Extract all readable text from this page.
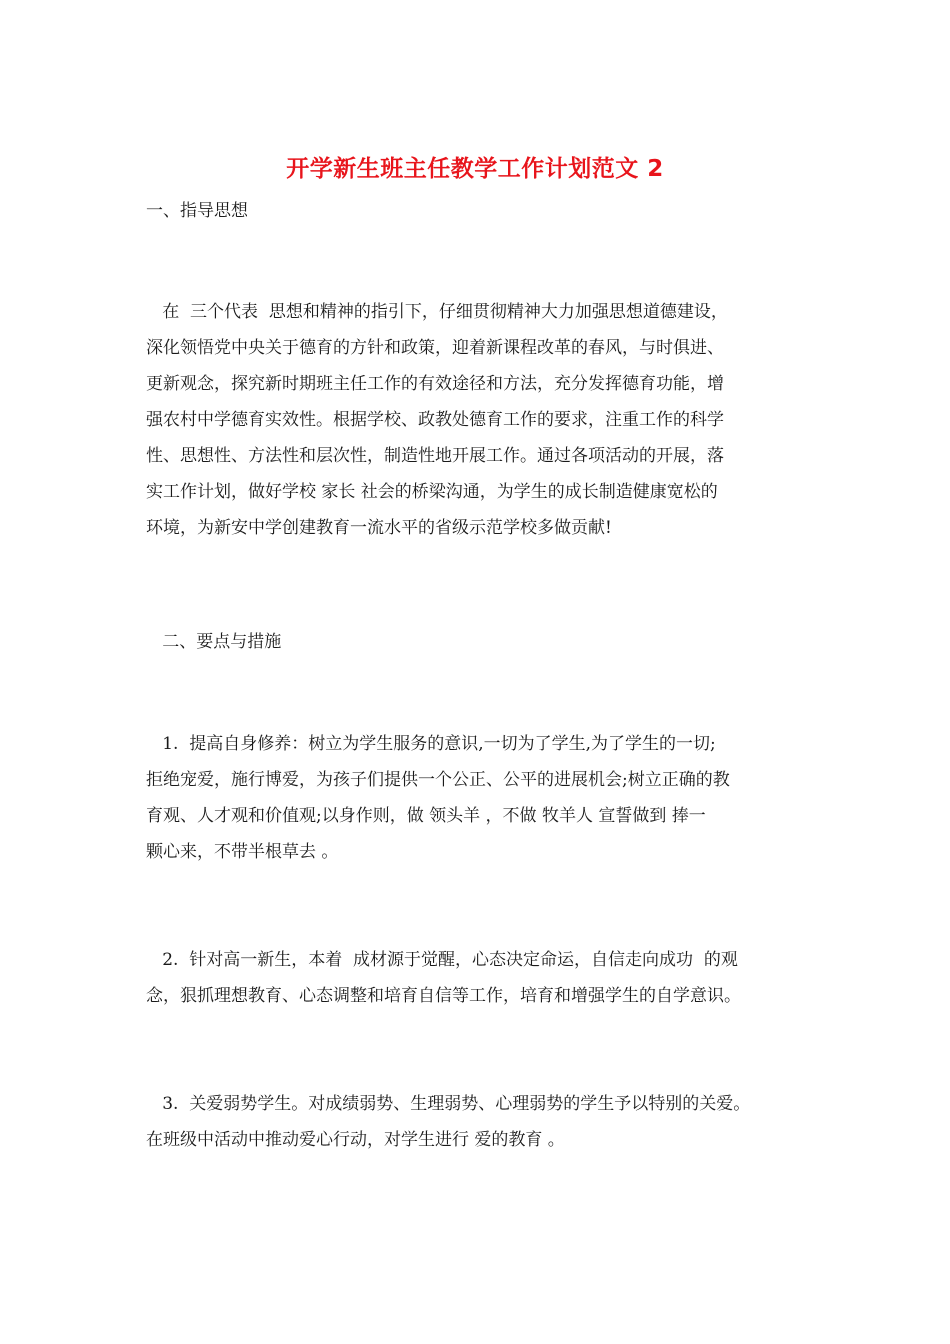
开学新生班主任教学工作计划范文 2

一、指导思想

在  三个代表  思想和精神的指引下，仔细贯彻精神大力加强思想道德建设，
深化领悟党中央关于德育的方针和政策，迎着新课程改革的春风，与时俱进、
更新观念，探究新时期班主任工作的有效途径和方法，充分发挥德育功能，增
强农村中学德育实效性。根据学校、政教处德育工作的要求，注重工作的科学
性、思想性、方法性和层次性，制造性地开展工作。通过各项活动的开展，落
实工作计划，做好学校 家长 社会的桥梁沟通，为学生的成长制造健康宽松的
环境，为新安中学创建教育一流水平的省级示范学校多做贡献!

二、要点与措施

1.  提高自身修养：树立为学生服务的意识,一切为了学生,为了学生的一切;
拒绝宠爱，施行博爱，为孩子们提供一个公正、公平的进展机会;树立正确的教
育观、人才观和价值观;以身作则，做 领头羊 ，不做 牧羊人 宣誓做到 捧一
颗心来，不带半根草去 。
2.  针对高一新生，本着  成材源于觉醒，心态决定命运，自信走向成功  的观
念，狠抓理想教育、心态调整和培育自信等工作，培育和增强学生的自学意识。
3.  关爱弱势学生。对成绩弱势、生理弱势、心理弱势的学生予以特别的关爱。
在班级中活动中推动爱心行动，对学生进行 爱的教育 。
